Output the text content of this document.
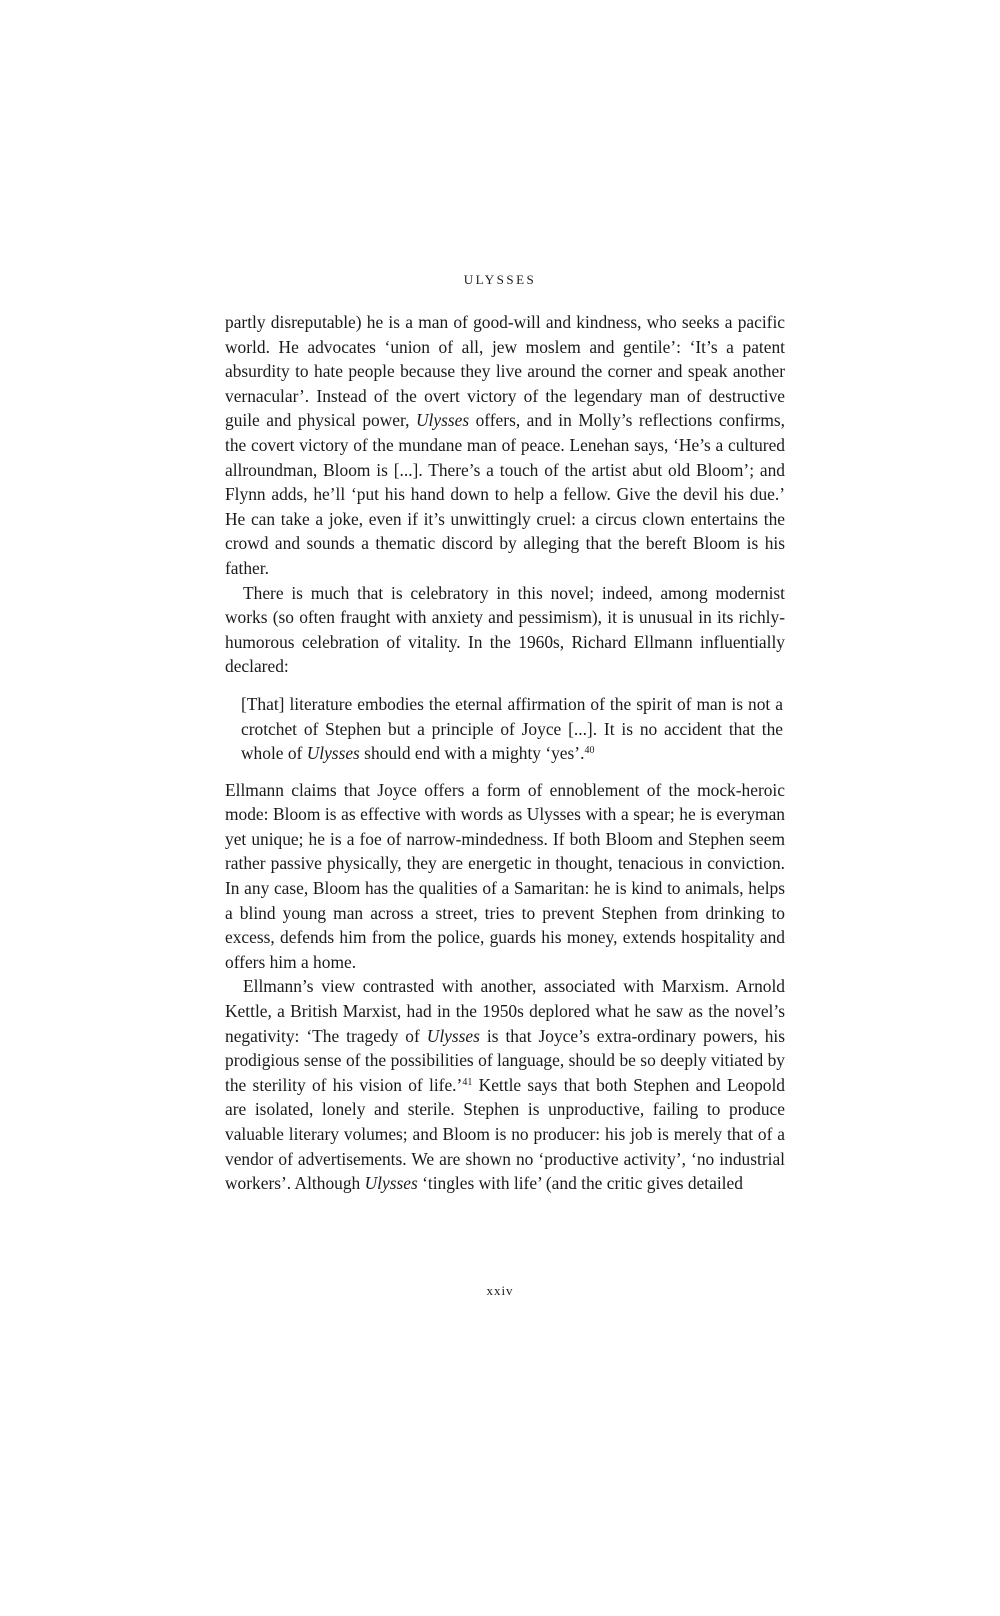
ULYSSES

partly disreputable) he is a man of good-will and kindness, who seeks a pacific world. He advocates ‘union of all, jew moslem and gentile’: ‘It’s a patent absurdity to hate people because they live around the corner and speak another vernacular’. Instead of the overt victory of the legendary man of destructive guile and physical power, Ulysses offers, and in Molly’s reflections confirms, the covert victory of the mundane man of peace. Lenehan says, ‘He’s a cultured allroundman, Bloom is [...]. There’s a touch of the artist abut old Bloom’; and Flynn adds, he’ll ‘put his hand down to help a fellow. Give the devil his due.’ He can take a joke, even if it’s unwittingly cruel: a circus clown entertains the crowd and sounds a thematic discord by alleging that the bereft Bloom is his father.

There is much that is celebratory in this novel; indeed, among modernist works (so often fraught with anxiety and pessimism), it is unusual in its richly-humorous celebration of vitality. In the 1960s, Richard Ellmann influentially declared:

[That] literature embodies the eternal affirmation of the spirit of man is not a crotchet of Stephen but a principle of Joyce [...]. It is no accident that the whole of Ulysses should end with a mighty ‘yes’.$^{40}$

Ellmann claims that Joyce offers a form of ennoblement of the mock-heroic mode: Bloom is as effective with words as Ulysses with a spear; he is everyman yet unique; he is a foe of narrow-mindedness. If both Bloom and Stephen seem rather passive physically, they are energetic in thought, tenacious in conviction. In any case, Bloom has the qualities of a Samaritan: he is kind to animals, helps a blind young man across a street, tries to prevent Stephen from drinking to excess, defends him from the police, guards his money, extends hospitality and offers him a home.

Ellmann’s view contrasted with another, associated with Marxism. Arnold Kettle, a British Marxist, had in the 1950s deplored what he saw as the novel’s negativity: ‘The tragedy of Ulysses is that Joyce’s extra-ordinary powers, his prodigious sense of the possibilities of language, should be so deeply vitiated by the sterility of his vision of life.’$^{41}$ Kettle says that both Stephen and Leopold are isolated, lonely and sterile. Stephen is unproductive, failing to produce valuable literary volumes; and Bloom is no producer: his job is merely that of a vendor of advertisements. We are shown no ‘productive activity’, ‘no industrial workers’. Although Ulysses ‘tingles with life’ (and the critic gives detailed

xxiv
